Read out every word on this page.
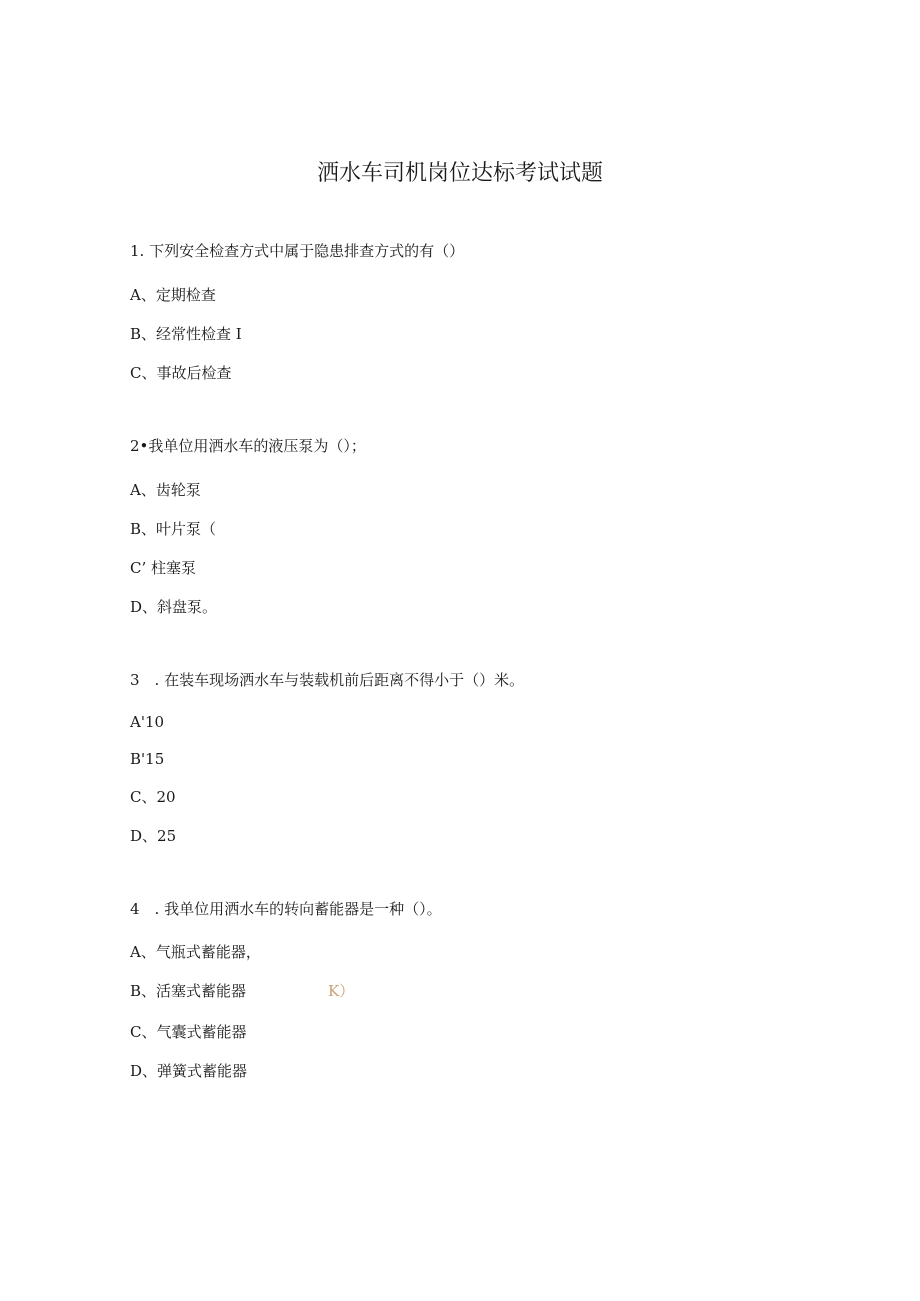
洒水车司机岗位达标考试试题
1. 下列安全检查方式中属于隐患排查方式的有（）
A、定期检查
B、经常性检查 I
C、事故后检查
2•我单位用洒水车的液压泵为（）；
A、齿轮泵
B、叶片泵（
C’ 柱塞泵
D、斜盘泵。
3　. 在装车现场洒水车与装载机前后距离不得小于（）米。
A'10
B'15
C、20
D、25
4　. 我单位用洒水车的转向蓄能器是一种（）。
A、气瓶式蓄能器，
B、活塞式蓄能器	K）
C、气囊式蓄能器
D、弹簧式蓄能器
